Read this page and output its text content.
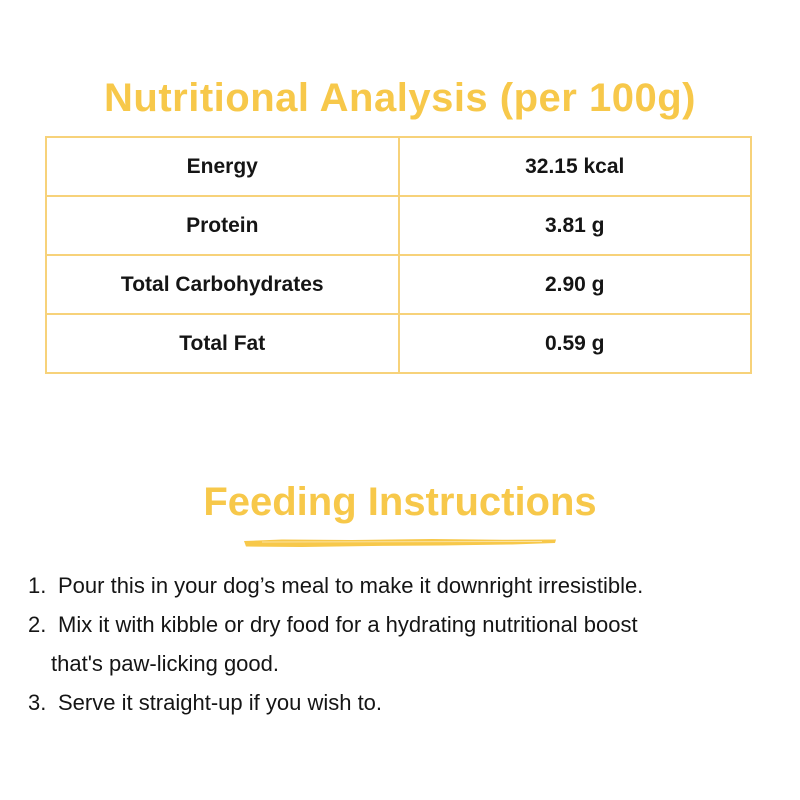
Nutritional Analysis (per 100g)
Energy	32.15 kcal
Protein	3.81 g
Total Carbohydrates	2.90 g
Total Fat	0.59 g
Feeding Instructions
1. Pour this in your dog’s meal to make it downright irresistible.
2. Mix it with kibble or dry food for a hydrating nutritional boost
that's paw-licking good.
3. Serve it straight-up if you wish to.
